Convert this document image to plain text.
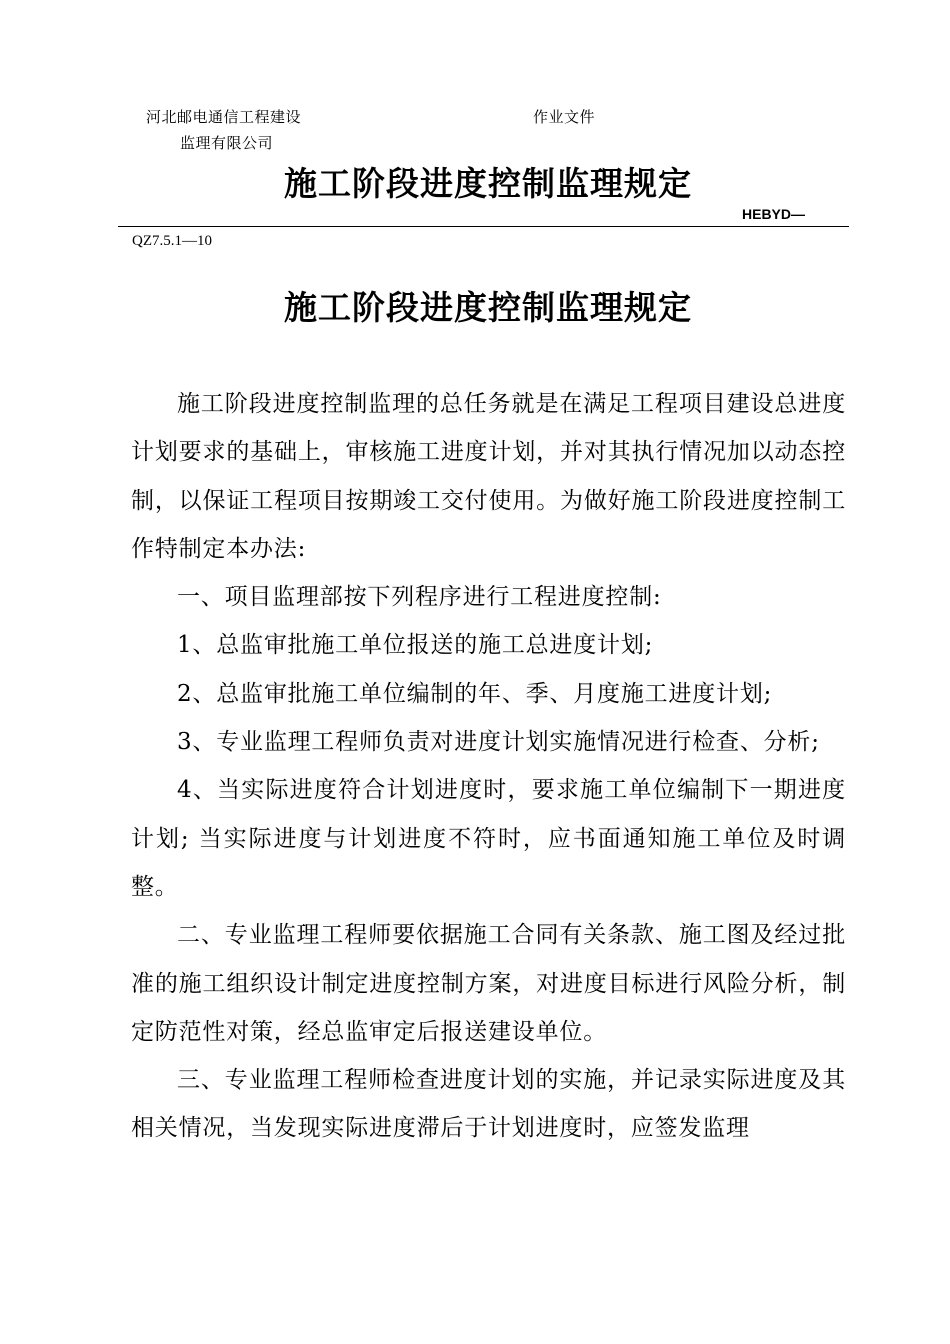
河北邮电通信工程建设
监理有限公司
作业文件
施工阶段进度控制监理规定
HEBYD—
QZ7.5.1—10
施工阶段进度控制监理规定

施工阶段进度控制监理的总任务就是在满足工程项目建设总进度计划要求的基础上，审核施工进度计划，并对其执行情况加以动态控制，以保证工程项目按期竣工交付使用。为做好施工阶段进度控制工作特制定本办法:

一、项目监理部按下列程序进行工程进度控制:

1、总监审批施工单位报送的施工总进度计划;

2、总监审批施工单位编制的年、季、月度施工进度计划;

3、专业监理工程师负责对进度计划实施情况进行检查、分析;

4、当实际进度符合计划进度时，要求施工单位编制下一期进度计划; 当实际进度与计划进度不符时，应书面通知施工单位及时调整。

二、专业监理工程师要依据施工合同有关条款、施工图及经过批准的施工组织设计制定进度控制方案，对进度目标进行风险分析，制定防范性对策，经总监审定后报送建设单位。

三、专业监理工程师检查进度计划的实施，并记录实际进度及其相关情况，当发现实际进度滞后于计划进度时，应签发监理
